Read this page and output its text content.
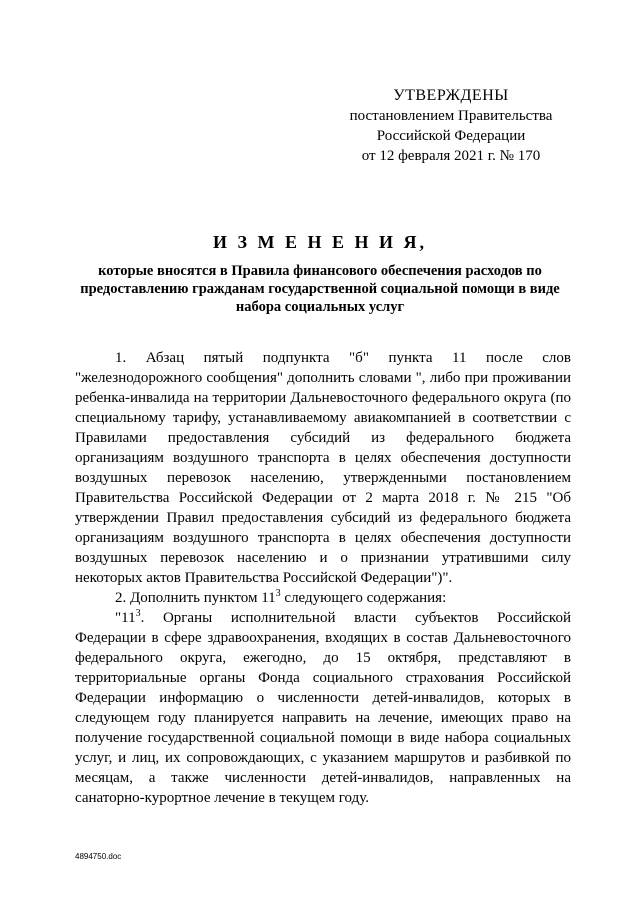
УТВЕРЖДЕНЫ
постановлением Правительства
Российской Федерации
от 12 февраля 2021 г. № 170
И З М Е Н Е Н И Я,
которые вносятся в Правила финансового обеспечения расходов по предоставлению гражданам государственной социальной помощи в виде набора социальных услуг

1. Абзац пятый подпункта "б" пункта 11 после слов "железнодорожного сообщения" дополнить словами ", либо при проживании ребенка-инвалида на территории Дальневосточного федерального округа (по специальному тарифу, устанавливаемому авиакомпанией в соответствии с Правилами предоставления субсидий из федерального бюджета организациям воздушного транспорта в целях обеспечения доступности воздушных перевозок населению, утвержденными постановлением Правительства Российской Федерации от 2 марта 2018 г. № 215 "Об утверждении Правил предоставления субсидий из федерального бюджета организациям воздушного транспорта в целях обеспечения доступности воздушных перевозок населению и о признании утратившими силу некоторых актов Правительства Российской Федерации")".

2. Дополнить пунктом $11^3$ следующего содержания:

"$11^3$. Органы исполнительной власти субъектов Российской Федерации в сфере здравоохранения, входящих в состав Дальневосточного федерального округа, ежегодно, до 15 октября, представляют в территориальные органы Фонда социального страхования Российской Федерации информацию о численности детей-инвалидов, которых в следующем году планируется направить на лечение, имеющих право на получение государственной социальной помощи в виде набора социальных услуг, и лиц, их сопровождающих, с указанием маршрутов и разбивкой по месяцам, а также численности детей-инвалидов, направленных на санаторно-курортное лечение в текущем году.

4894750.doc
